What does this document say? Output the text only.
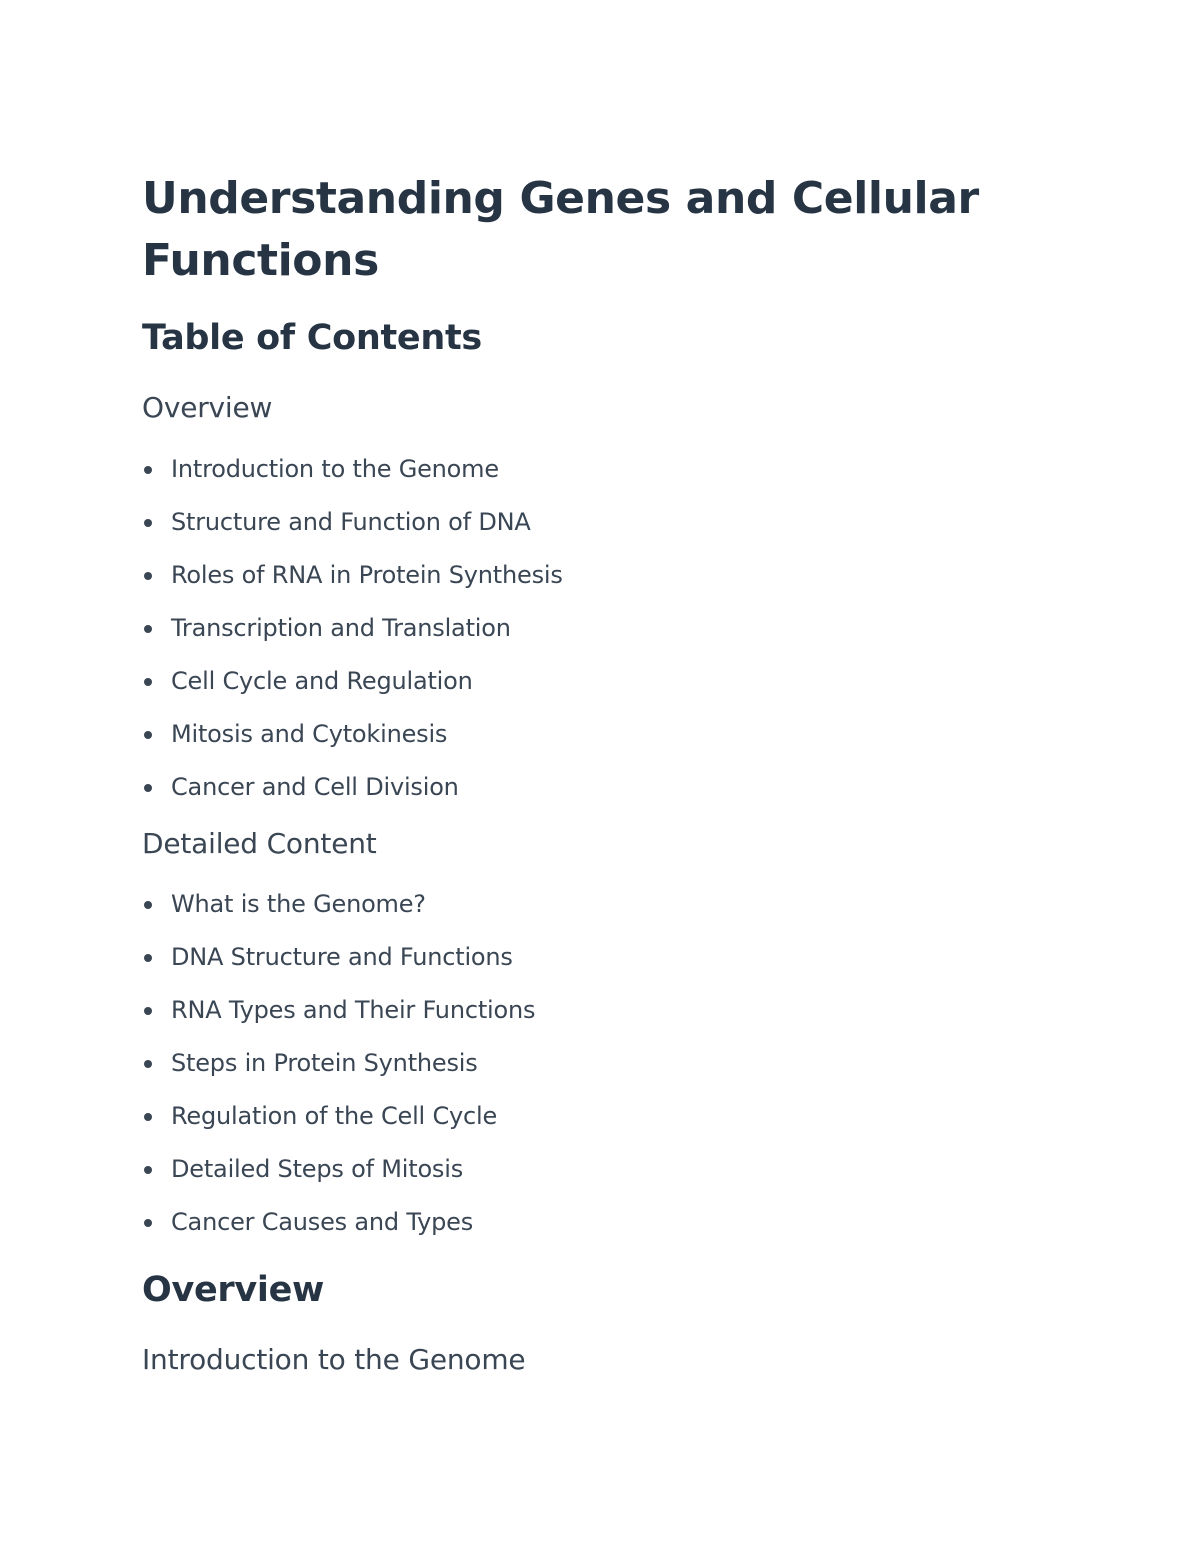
Understanding Genes and Cellular Functions
Table of Contents
Overview
Introduction to the Genome
Structure and Function of DNA
Roles of RNA in Protein Synthesis
Transcription and Translation
Cell Cycle and Regulation
Mitosis and Cytokinesis
Cancer and Cell Division
Detailed Content
What is the Genome?
DNA Structure and Functions
RNA Types and Their Functions
Steps in Protein Synthesis
Regulation of the Cell Cycle
Detailed Steps of Mitosis
Cancer Causes and Types
Overview
Introduction to the Genome
